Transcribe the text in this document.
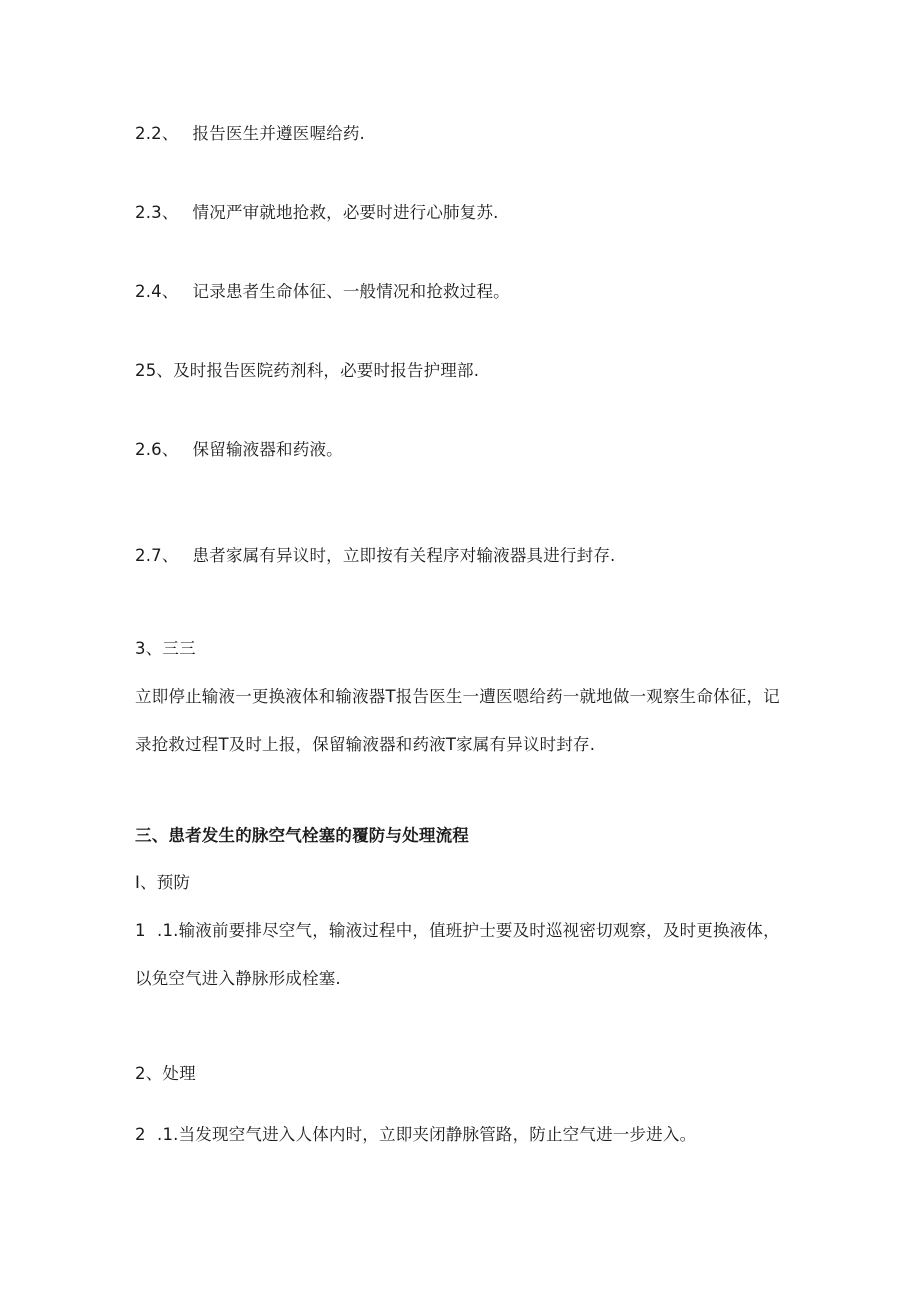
2.2、 报告医生并遵医喔给药.
2.3、 情况严审就地抢救，必要时进行心肺复苏.
2.4、 记录患者生命体征、一般情况和抢救过程。
25、及时报告医院药剂科，必要时报告护理部.
2.6、 保留输液器和药液。
2.7、 患者家属有异议时，立即按有关程序对输液器具进行封存.
3、三三
立即停止输液一更换液体和输液器T报告医生一遭医嗯给药一就地做一观察生命体征，记
录抢救过程T及时上报，保留输液器和药液T家属有异议时封存.
三、患者发生的脉空气栓塞的覆防与处理流程
I、预防
1 .1.输液前要排尽空气，输液过程中，值班护士要及时巡视密切观察，及时更换液体，
以免空气进入静脉形成栓塞.
2、处理
2 .1.当发现空气进入人体内时，立即夹闭静脉管路，防止空气进一步进入。
